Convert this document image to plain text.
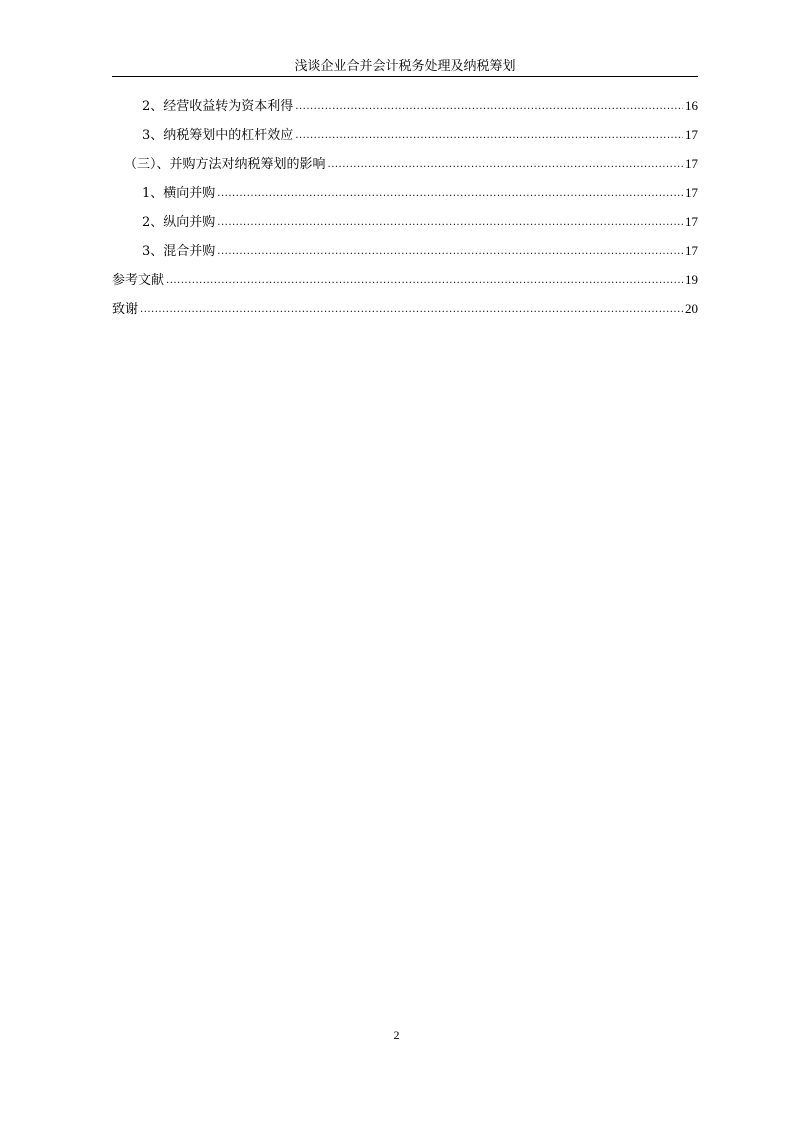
浅谈企业合并会计税务处理及纳税筹划
2、经营收益转为资本利得 .....	16
3、纳税筹划中的杠杆效应 .....	17
（三）、并购方法对纳税筹划的影响 .....	17
1、横向并购 .....	17
2、纵向并购 .....	17
3、混合并购 .....	17
参考文献 .....	19
致谢 .....	20
2
